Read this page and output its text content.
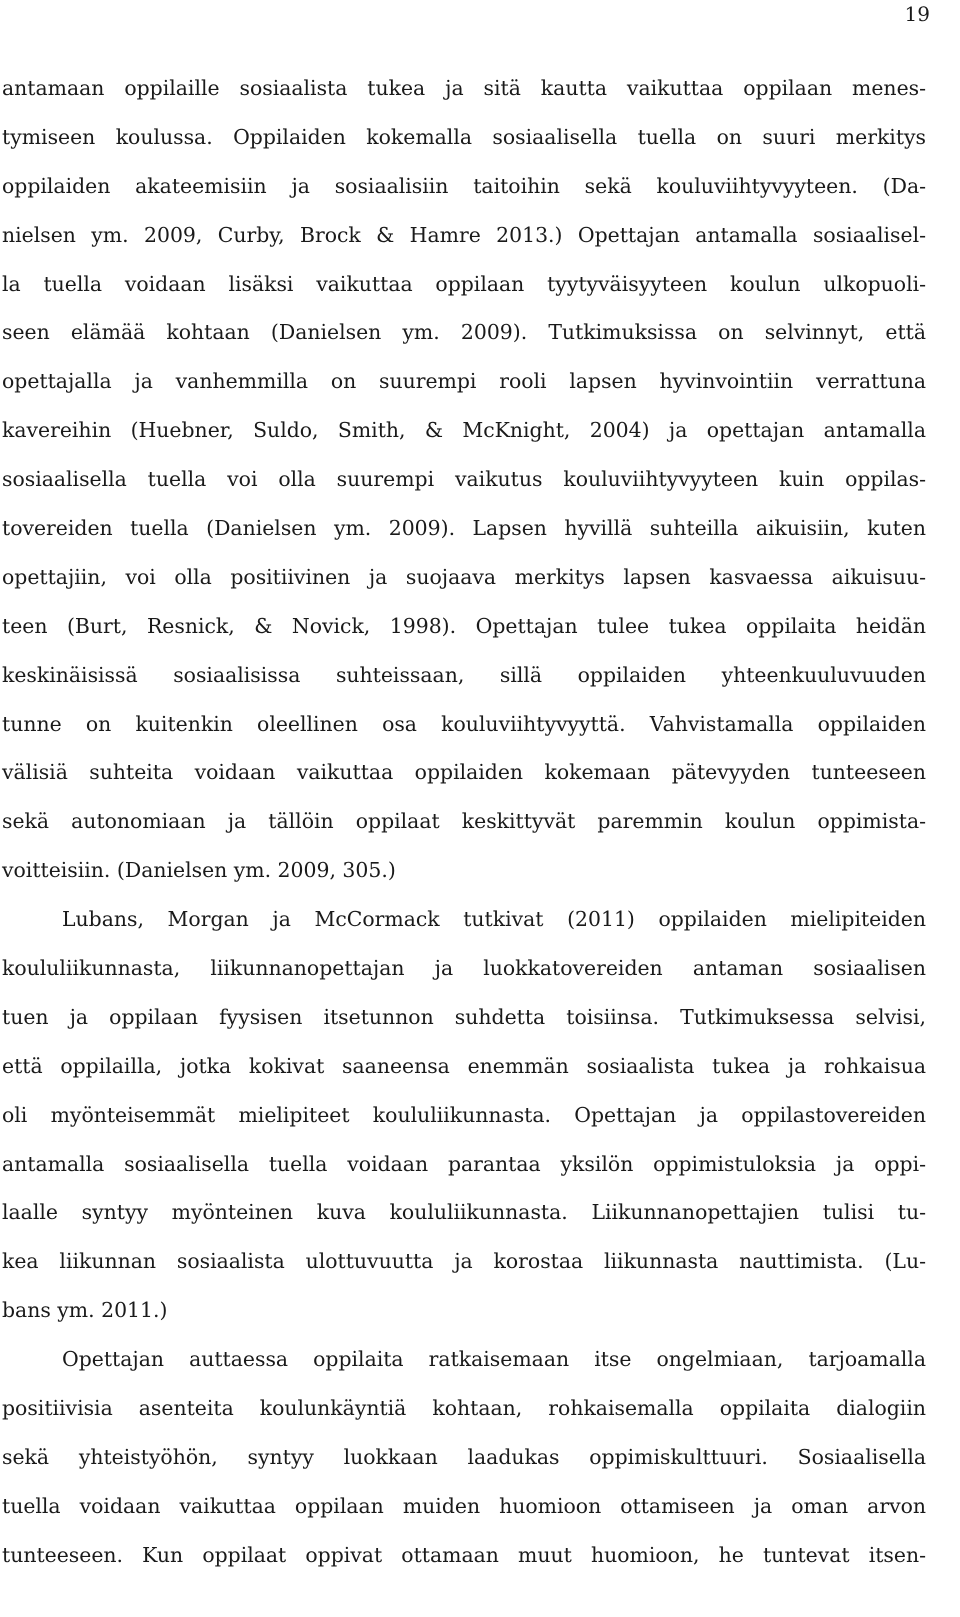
19
antamaan oppilaille sosiaalista tukea ja sitä kautta vaikuttaa oppilaan menes-
tymiseen koulussa. Oppilaiden kokemalla sosiaalisella tuella on suuri merkitys
oppilaiden akateemisiin ja sosiaalisiin taitoihin sekä kouluviihtyvyyteen. (Da-
nielsen ym. 2009, Curby, Brock & Hamre 2013.) Opettajan antamalla sosiaalisel-
la tuella voidaan lisäksi vaikuttaa oppilaan tyytyväisyyteen koulun ulkopuoli-
seen elämää kohtaan (Danielsen ym. 2009). Tutkimuksissa on selvinnyt, että
opettajalla ja vanhemmilla on suurempi rooli lapsen hyvinvointiin verrattuna
kavereihin (Huebner, Suldo, Smith, & McKnight, 2004) ja opettajan antamalla
sosiaalisella tuella voi olla suurempi vaikutus kouluviihtyvyyteen kuin oppilas-
tovereiden tuella (Danielsen ym. 2009). Lapsen hyvillä suhteilla aikuisiin, kuten
opettajiin, voi olla positiivinen ja suojaava merkitys lapsen kasvaessa aikuisuu-
teen (Burt, Resnick, & Novick, 1998). Opettajan tulee tukea oppilaita heidän
keskinäisissä sosiaalisissa suhteissaan, sillä oppilaiden yhteenkuuluvuuden
tunne on kuitenkin oleellinen osa kouluviihtyvyyttä. Vahvistamalla oppilaiden
välisiä suhteita voidaan vaikuttaa oppilaiden kokemaan pätevyyden tunteeseen
sekä autonomiaan ja tällöin oppilaat keskittyvät paremmin koulun oppimista-
voitteisiin. (Danielsen ym. 2009, 305.)
Lubans, Morgan ja McCormack tutkivat (2011) oppilaiden mielipiteiden
koululiikunnasta, liikunnanopettajan ja luokkatovereiden antaman sosiaalisen
tuen ja oppilaan fyysisen itsetunnon suhdetta toisiinsa. Tutkimuksessa selvisi,
että oppilailla, jotka kokivat saaneensa enemmän sosiaalista tukea ja rohkaisua
oli myönteisemmät mielipiteet koululiikunnasta. Opettajan ja oppilastovereiden
antamalla sosiaalisella tuella voidaan parantaa yksilön oppimistuloksia ja oppi-
laalle syntyy myönteinen kuva koululiikunnasta. Liikunnanopettajien tulisi tu-
kea liikunnan sosiaalista ulottuvuutta ja korostaa liikunnasta nauttimista. (Lu-
bans ym. 2011.)
Opettajan auttaessa oppilaita ratkaisemaan itse ongelmiaan, tarjoamalla
positiivisia asenteita koulunkäyntiä kohtaan, rohkaisemalla oppilaita dialogiin
sekä yhteistyöhön, syntyy luokkaan laadukas oppimiskulttuuri. Sosiaalisella
tuella voidaan vaikuttaa oppilaan muiden huomioon ottamiseen ja oman arvon
tunteeseen. Kun oppilaat oppivat ottamaan muut huomioon, he tuntevat itsen-
